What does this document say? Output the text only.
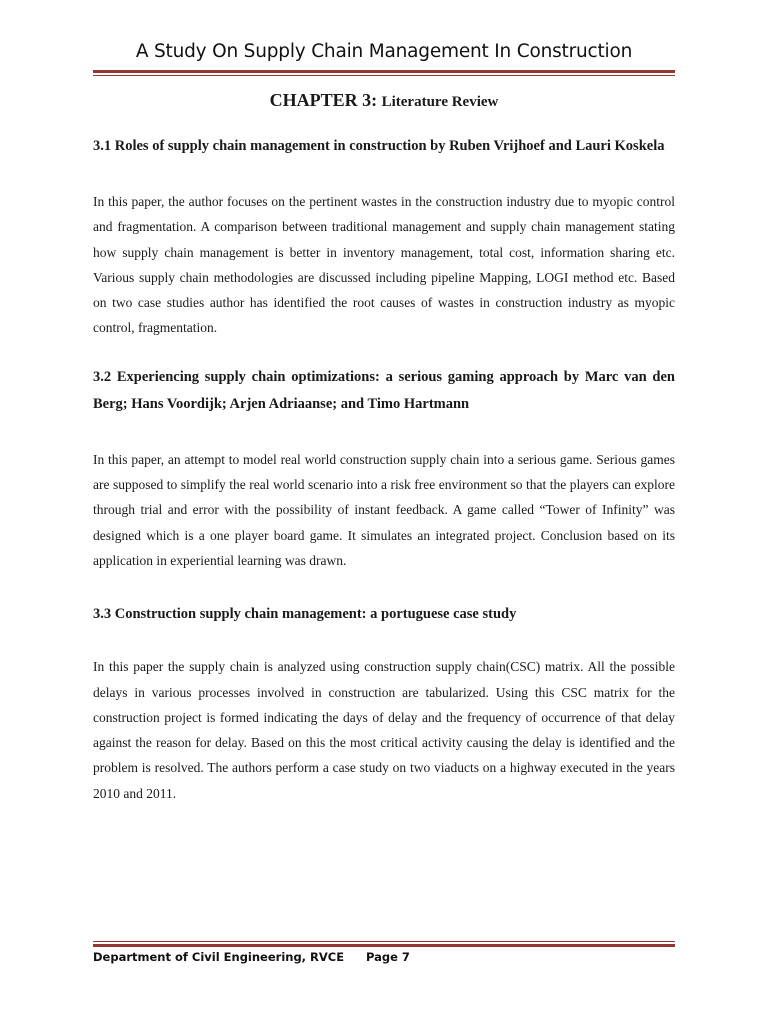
A Study On Supply Chain Management In Construction
CHAPTER 3: Literature Review

3.1 Roles of supply chain management in construction by Ruben Vrijhoef and Lauri Koskela

In this paper, the author focuses on the pertinent wastes in the construction industry due to myopic control and fragmentation. A comparison between traditional management and supply chain management stating how supply chain management is better in inventory management, total cost, information sharing etc. Various supply chain methodologies are discussed including pipeline Mapping, LOGI method etc. Based on two case studies author has identified the root causes of wastes in construction industry as myopic control, fragmentation.

3.2 Experiencing supply chain optimizations: a serious gaming approach by Marc van den Berg; Hans Voordijk; Arjen Adriaanse; and Timo Hartmann

In this paper, an attempt to model real world construction supply chain into a serious game. Serious games are supposed to simplify the real world scenario into a risk free environment so that the players can explore through trial and error with the possibility of instant feedback. A game called “Tower of Infinity” was designed which is a one player board game. It simulates an integrated project. Conclusion based on its application in experiential learning was drawn.

3.3 Construction supply chain management: a portuguese case study

In this paper the supply chain is analyzed using construction supply chain(CSC) matrix. All the possible delays in various processes involved in construction are tabularized. Using this CSC matrix for the construction project is formed indicating the days of delay and the frequency of occurrence of that delay against the reason for delay. Based on this the most critical activity causing the delay is identified and the problem is resolved. The authors perform a case study on two viaducts on a highway executed in the years 2010 and 2011.

Department of Civil Engineering, RVCE Page 7
